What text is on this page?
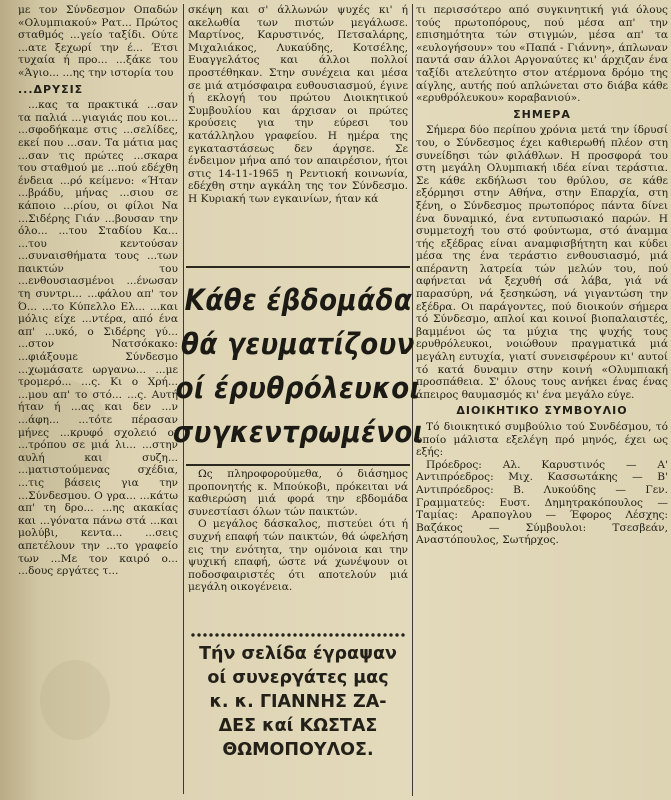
με τον Σύνδεσμον Οπαδών «Ολυμπιακού» Ρατ... Πρώτος σταθμός ...γείο ταξίδι. Ούτε ...ατε ξεχωρί την έ... Έτσι τυχαία ή προ... ...ξάκε του «Άγιο... ...ης την ιστορία του

...ΔΡΥΣΙΣ

...κας τα πρακτικά ...σαν τα παλιά ...γιαγιάς που κοι... ...σφοδήκαμε στις ...σελίδες, εκεί που ...σαν. Τα μάτια μας ...σαν τις πρώτες ...σκαρα του σταθμού με ...πού εδέχθη ένδεια ...ρό κείμενο: «Ήταν ...βράδυ, μήνας ...σιου σε κάποιο ...ρίου, οι φίλοι Να ...Σιδέρης Γιάν ...βουσαν την όλο... ...του Σταδίου Κα... ...του κεντούσαν ...συναισθήματα τους ...των παικτών του ...ενθουσιασμένοι ...ένωσαν τη συντρι... ...φάλου απ' τον Ό... ...το Κύπελλο Ελ... ...και μόλις είχε ...ντέρα, από ένα απ' ...υκό, ο Σιδέρης γύ... ...στον Νατσόκακο: ...φιάξουμε Σύνδεσμο ...χωμάσατε ωργανω... ...με τρομερό... ...ς. Κι ο Χρή... ...μου απ' το στό... ...ς. Αυτή ήταν ή ...ας και δεν ...ν ...άφη... ...τότε πέρασαν μήνες ...κρυφό σχολειό οι ...τρόπου σε μιά λι... ...στην αυλή και συζη... ...ματιστούμενας σχέδια, ...τις βάσεις για την ...Σύνδεσμου. Ο γρα... ...κάτω απ' τη δρο... ...ης ακακίας και ...γόνατα πάνω στά ...και μολύβι, κεντα... ...σεις απετέλουν την ...το γραφείο των ...Με τον καιρό ο... ...δους εργάτες τ...

σκέψη και σ' άλλωνών ψυχές κι' ή ακελωθία των πιστών μεγάλωσε. Μαρτίνος, Καρυστινός, Πετσαλάρης, Μιχαλιάκος, Λυκαύδης, Κοτσέλης, Ευαγγελάτος και άλλοι πολλοί προστέθηκαν. Στην συνέχεια και μέσα σε μιά ατμόσφαιρα ευθουσιασμού, έγινε ή εκλογή του πρώτου Διοικητικού Συμβουλίου και άρχισαν οι πρώτες κρούσεις για την εύρεσι του κατάλληλου γραφείου. Η ημέρα της εγκαταστάσεως δεν άργησε. Σε ένδειμον μήνα από τον απαιρέσιον, ήτοι στις 14-11-1965 η Ρεντιοκή κοινωνία, εδέχθη στην αγκάλη της τον Σύνδεσμο. Η Κυριακή των εγκαινίων, ήταν κά

Κάθε έβδομάδα
θά γευματίζουν
οί έρυθρόλευκοι
συγκεντρωμένοι

Ως πληροφορούμεθα, ό διάσημος προπονητής κ. Μπούκοβι, πρόκειται νά καθιερώση μιά φορά την εβδομάδα συνεστίασι όλων τών παικτών.

Ο μεγάλος δάσκαλος, πιστεύει ότι ή συχνή επαφή τών παικτών, θά ώφελήση εις την ενότητα, την ομόνοια και την ψυχική επαφή, ώστε νά χωνέψουν οι ποδοσφαιριστές ότι αποτελούν μιά μεγάλη οικογένεια.

Τήν σελίδα έγραψαν
οί συνεργάτες μας
κ. κ. ΓΙΑΝΝΗΣ ΖΑ-
ΔΕΣ καί ΚΩΣΤΑΣ
ΘΩΜΟΠΟΥΛΟΣ.

τι περισσότερο από συγκινητική γιά όλους τούς πρωτοπόρους, πού μέσα απ' την επισημότητα τών στιγμών, μέσα απ' τα «ευλογήσουν» του «Παπά - Γιάννη», άπλωναν παντά σαν άλλοι Αργοναύτες κι' άρχιζαν ένα ταξίδι ατελεύτητο στον ατέρμονα δρόμο της αίγλης, αυτής πού απλώνεται στο διάβα κάθε «ερυθρόλευκου» κοραβανιού».

ΣΗΜΕΡΑ

Σήμερα δύο περίπου χρόνια μετά την ίδρυσί του, ο Σύνδεσμος έχει καθιερωθή πλέον στη συνείδησι τών φιλάθλων. Η προσφορά του στη μεγάλη Ολυμπιακή ιδέα είναι τεράστια. Σε κάθε εκδήλωσι του θρύλου, σε κάθε εξόρμησι στην Αθήνα, στην Επαρχία, στη ξένη, ο Σύνδεσμος πρωτοπόρος πάντα δίνει ένα δυναμικό, ένα εντυπωσιακό παρών. Η συμμετοχή του στό φούντωμα, στό άναμμα τής εξέδρας είναι αναμφισβήτητη και κύδει μέσα της ένα τεράστιο ενθουσιασμό, μιά απέραντη λατρεία τών μελών του, πού αφήνεται νά ξεχυθή σά λάβα, γιά νά παρασύρη, νά ξεσηκώση, νά γιγαντώση την εξέδρα. Οι παράγοντες, πού διοικούν σήμερα τό Σύνδεσμο, απλοί και κοινοί βιοπαλαιστές, βαμμένοι ώς τα μύχια της ψυχής τους ερυθρόλευκοι, νοιώθουν πραγματικά μιά μεγάλη ευτυχία, γιατί συνεισφέρουν κι' αυτοί τό κατά δυναμιν στην κοινή «Ολυμπιακή προσπάθεια. Σ' όλους τους ανήκει ένας ένας άπειρος θαυμασμός κι' ένα μεγάλο εύγε.

ΔΙΟΙΚΗΤΙΚΟ ΣΥΜΒΟΥΛΙΟ

Τό διοικητικό συμβούλιο τού Συνδέσμου, τό οποίο μάλιστα εξελέγη πρό μηνός, έχει ως εξής:

Πρόεδρος: Αλ. Καρυστινός — Α' Αντιπρόεδρος: Μιχ. Κασσωτάκης — Β' Αντιπρόεδρος: Β. Λυκούδης — Γεν. Γραμματεύς: Ευστ. Δημητρακόπουλος — Ταμίας: Αραπογλου — Έφορος Λέσχης: Βαζάκος — Σύμβουλοι: Τσεσβεάν, Αναστόπουλος, Σωτήρχος.
